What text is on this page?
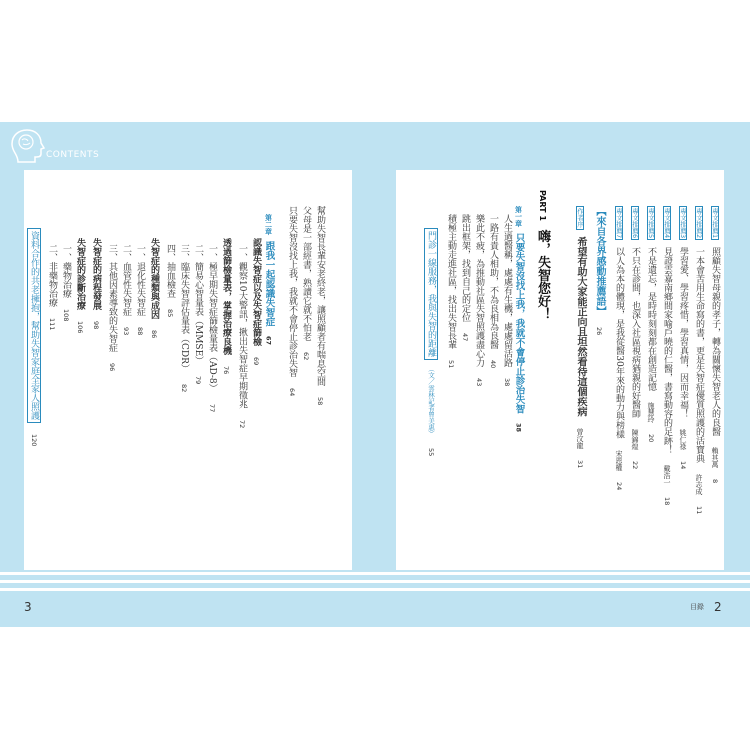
CONTENTS
專文推薦1 照顧失智母親的孝子，轉為關懷失智老人的良醫 賴其萬 8
專文推薦2 一本會苦用生命寫的書，更是失智症優質照護的活寶典 許志成 11
專文推薦3 學習愛、學習疼惜，學習真情，因而幸福！ 姚仁祿 14
專文推薦4 見證雲嘉南鄉間家喻戶曉的仁醫，書寫動容的足跡！ 戴浩一 18
專文推薦5 不是遺忘，是時時刻刻都在創造記憶 施慧玲 20
專文推薦6 不只在診間，也深入社區視病猶親的好醫師 陳錦煌 22
專文推薦7 以人為本的體現，是我從醫30年來的動力與榜樣 宋恩權 24
【來自各界感動推薦語】 26
作者序 希望有助大家能正向且坦然看待這個疾病 曾汶龍 31
PART 1 嗨，失智您好！
第一章 只要失智沒找上我，我就不會停止診治失智 38
人生過醫稱，處處有生機，處處留活路 38
一路有貴人相助，不為良相為良醫 40
樂此不疲，為推動社區失智照護盡心力 43
跳出框架，找到自己的定位 47
積極主動走進社區，找出失智長輩 51
門診一線服務，我與失智的距離 （文／雲林記者曾美惠） 55
幫助失智長輩安老終老，讓照顧者有喘息空間 58
父母是一部經書，熟讀它就不怕老 62
只要失智沒找上我，我就不會停止診治失智 64
第二章 跟我一起認識失智症 67
認識失智症以及失智症篩檢 69
一、觀察10大警訊，揪出失智症早期徵兆 72
透過篩檢量表，掌握治療良機 76
一、極早期失智症篩檢量表（AD-8） 77
二、簡易心智量表（MMSE） 79
三、臨床失智評估量表（CDR） 82
四、抽血檢查 85
失智症的種類與成因 86
一、退化性失智症 88
二、血管性失智症 93
三、其他因素導致的失智症 96
失智症的病程發展 98
失智症的診斷治療 106
一、藥物治療 108
二、非藥物治療 111
資料合作的共老擁抱，幫助失智家庭全家人照護 120
3	目錄 2
